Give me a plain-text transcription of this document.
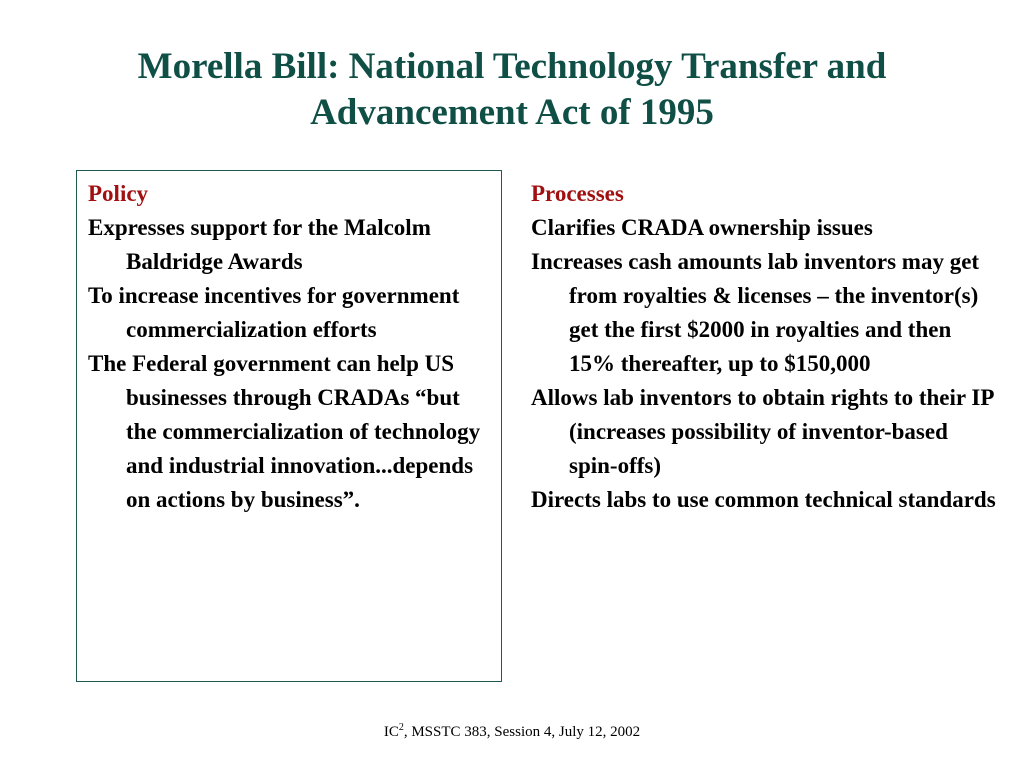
Morella Bill: National Technology Transfer and
Advancement Act of 1995
Policy

Expresses support for the Malcolm Baldridge Awards

To increase incentives for government commercialization efforts

The Federal government can help US businesses through CRADAs “but the commercialization of technology and industrial innovation...depends on actions by business”.

Processes

Clarifies CRADA ownership issues

Increases cash amounts lab inventors may get from royalties & licenses – the inventor(s) get the first $2000 in royalties and then 15% thereafter, up to $150,000

Allows lab inventors to obtain rights to their IP (increases possibility of inventor-based spin-offs)

Directs labs to use common technical standards

$IC^2$, MSSTC 383, Session 4, July 12, 2002
